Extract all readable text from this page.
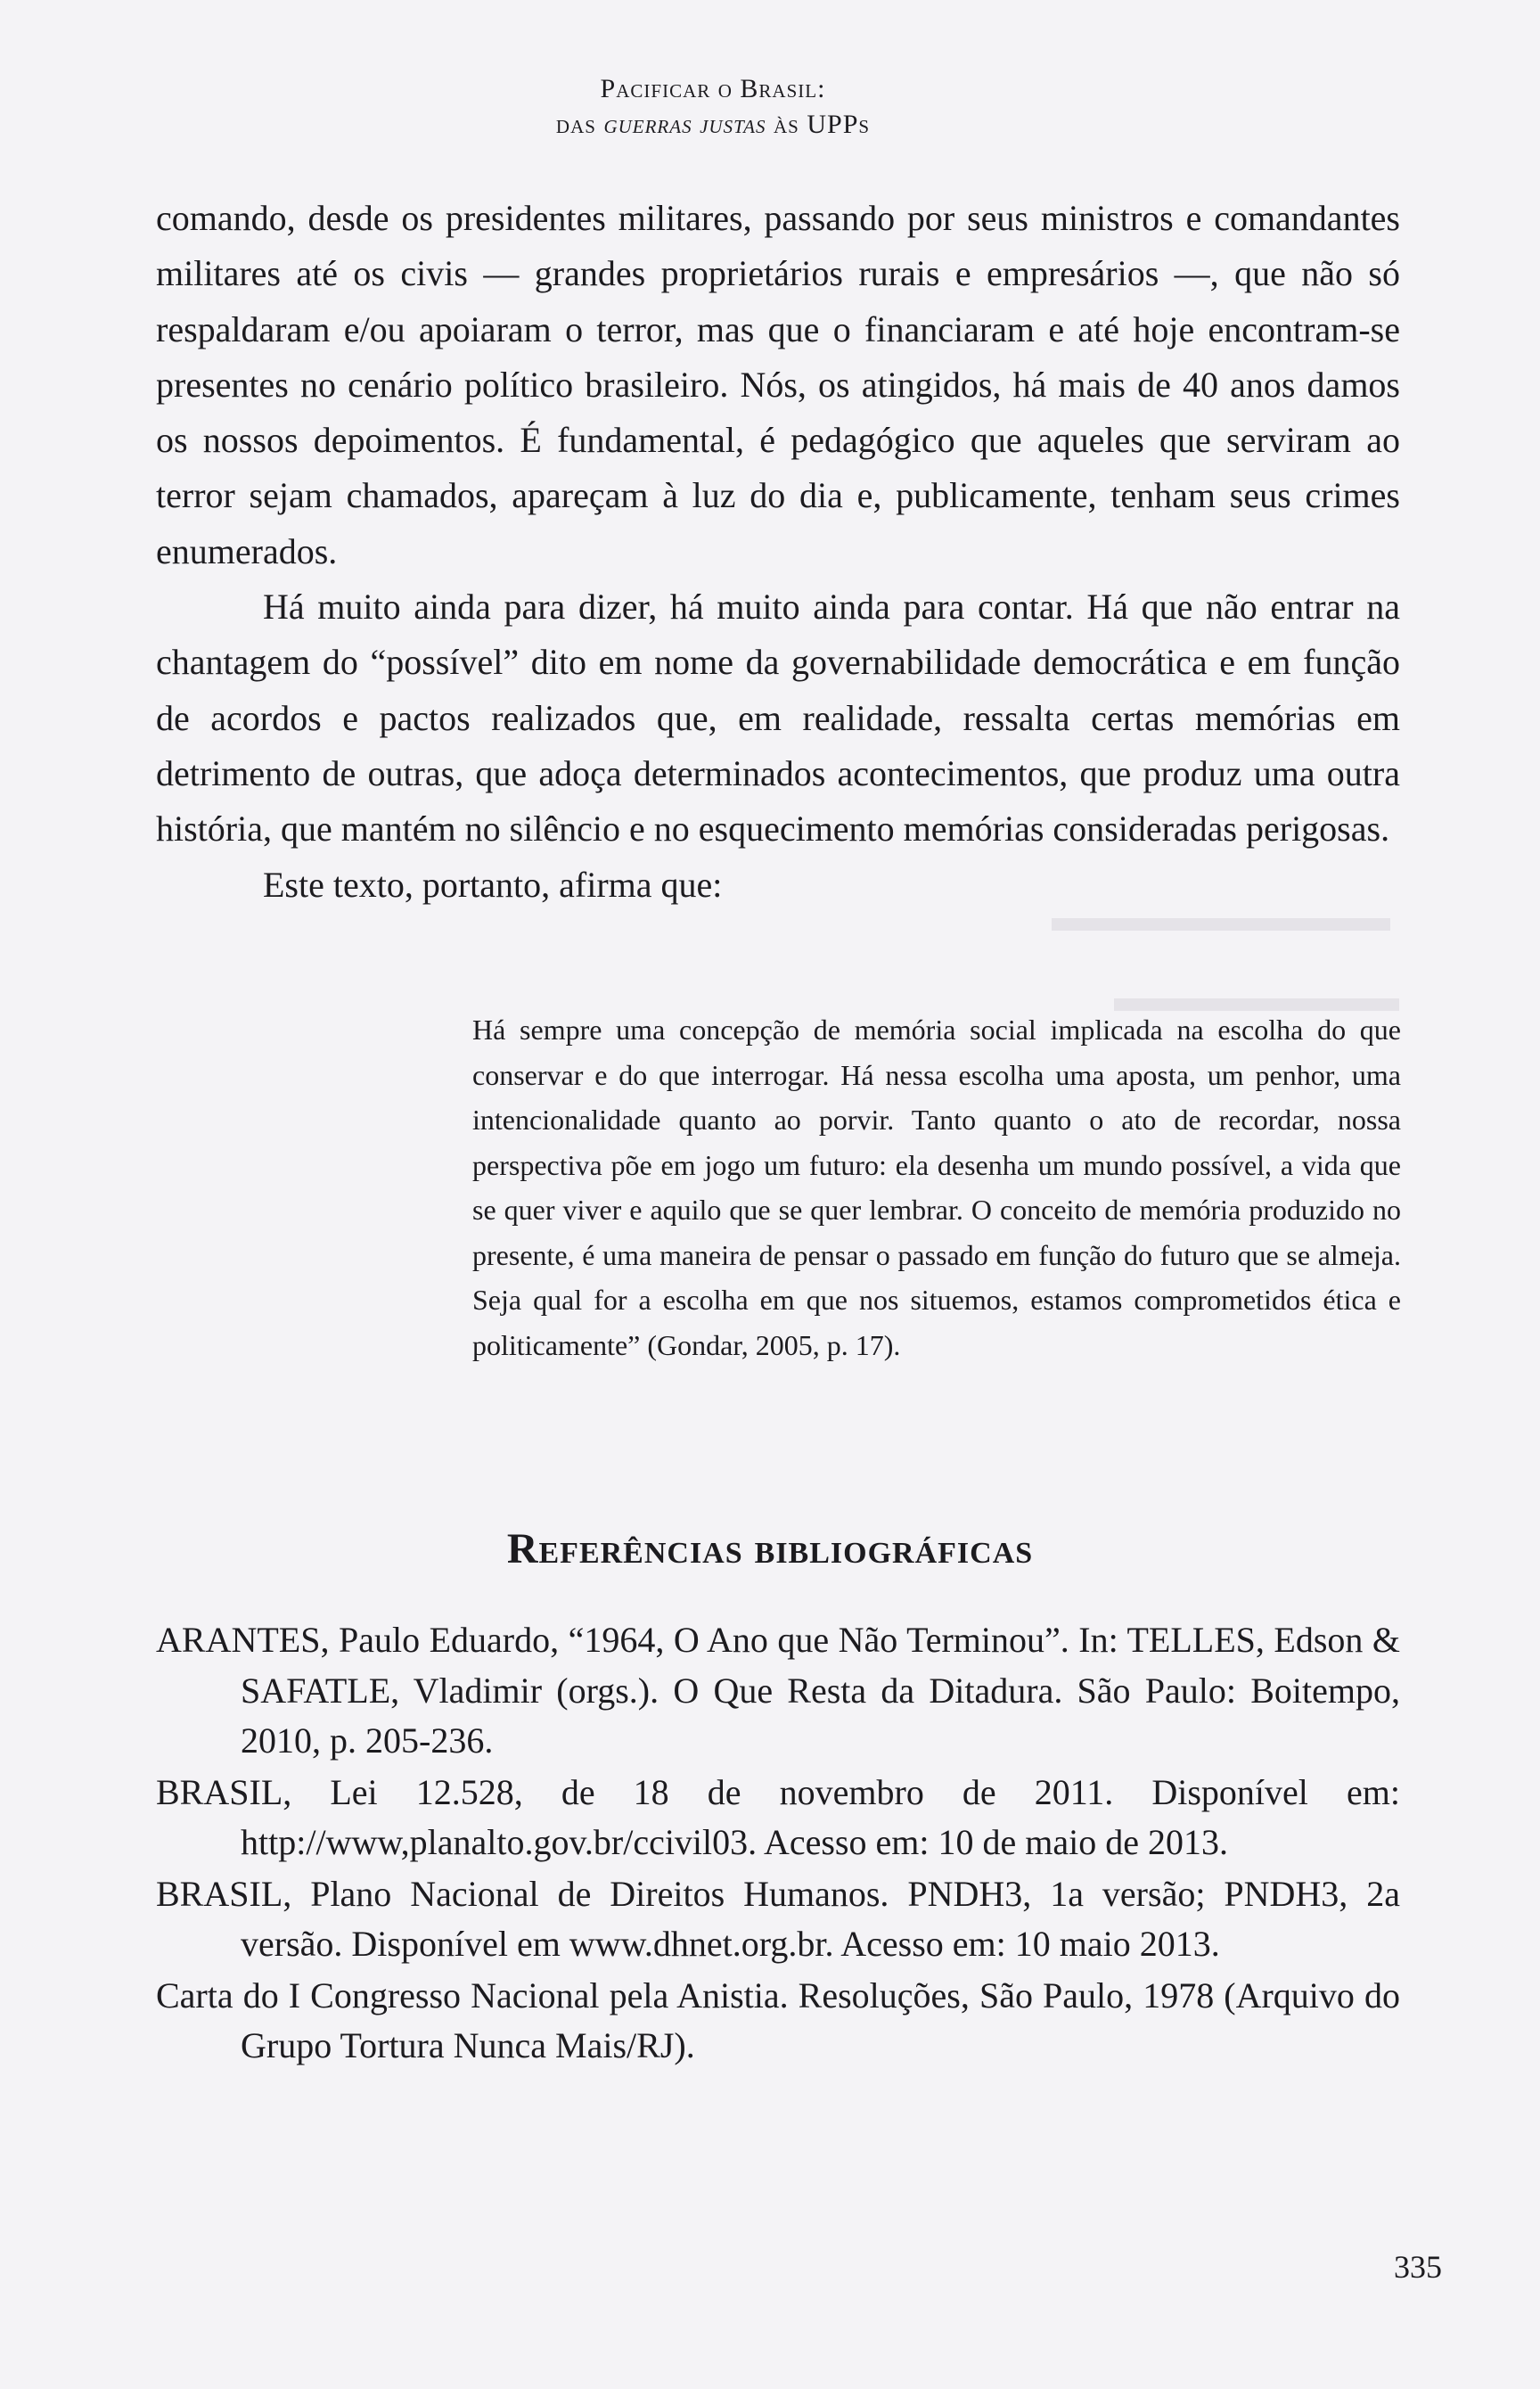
Pacificar o Brasil:
das guerras justas às UPPs

comando, desde os presidentes militares, passando por seus ministros e comandantes militares até os civis — grandes proprietários rurais e empresários —, que não só respaldaram e/ou apoiaram o terror, mas que o financiaram e até hoje encontram-se presentes no cenário político brasileiro. Nós, os atingidos, há mais de 40 anos damos os nossos depoimentos. É fundamental, é pedagógico que aqueles que serviram ao terror sejam chamados, apareçam à luz do dia e, publicamente, tenham seus crimes enumerados.

Há muito ainda para dizer, há muito ainda para contar. Há que não entrar na chantagem do “possível” dito em nome da governabilidade democrática e em função de acordos e pactos realizados que, em realidade, ressalta certas memórias em detrimento de outras, que adoça determinados acontecimentos, que produz uma outra história, que mantém no silêncio e no esquecimento memórias consideradas perigosas.

Este texto, portanto, afirma que:

Há sempre uma concepção de memória social implicada na escolha do que conservar e do que interrogar. Há nessa escolha uma aposta, um penhor, uma intencionalidade quanto ao porvir. Tanto quanto o ato de recordar, nossa perspectiva põe em jogo um futuro: ela desenha um mundo possível, a vida que se quer viver e aquilo que se quer lembrar. O conceito de memória produzido no presente, é uma maneira de pensar o passado em função do futuro que se almeja. Seja qual for a escolha em que nos situemos, estamos comprometidos ética e politicamente” (Gondar, 2005, p. 17).
Referências bibliográficas

ARANTES, Paulo Eduardo, “1964, O Ano que Não Terminou”. In: TELLES, Edson & SAFATLE, Vladimir (orgs.). O Que Resta da Ditadura. São Paulo: Boitempo, 2010, p. 205-236.

BRASIL, Lei 12.528, de 18 de novembro de 2011. Disponível em: http://www,planalto.gov.br/ccivil03. Acesso em: 10 de maio de 2013.

BRASIL, Plano Nacional de Direitos Humanos. PNDH3, 1a versão; PNDH3, 2a versão. Disponível em www.dhnet.org.br. Acesso em: 10 maio 2013.

Carta do I Congresso Nacional pela Anistia. Resoluções, São Paulo, 1978 (Arquivo do Grupo Tortura Nunca Mais/RJ).

335
